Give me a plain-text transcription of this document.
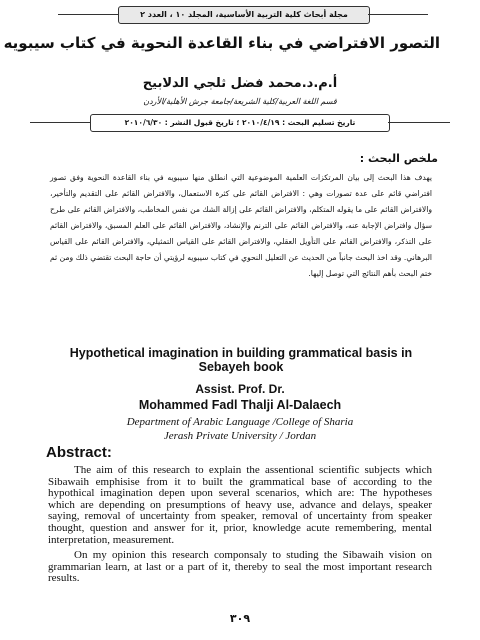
مجلة أبحاث كلية التربية الأساسية، المجلد ١٠ ، العدد ٢
التصور الافتراضي في بناء القاعدة النحوية في كتاب سيبويه
أ.م.د.محمد فضل ثلجي الدلابيح
قسم اللغة العربية/كلية الشريعة/جامعة جرش الأهلية/الأردن
تاريخ تسليم البحث : ٢٠١٠/٤/١٩ ؛ تاريخ قبول النشر : ٢٠١٠/٦/٣٠
ملخص البحث :
يهدف هذا البحث إلى بيان المرتكزات العلمية الموضوعية التي انطلق منها سيبويه في بناء القاعدة النحوية وفق تصور افتراضي قائم على عدة تصورات وهي : الافتراض القائم على كثرة الاستعمال، والافتراض القائم على التقديم والتأخير، والافتراض القائم على ما يقوله المتكلم، والافتراض القائم على إزالة الشك من نفس المخاطب، والافتراض القائم على طرح سؤال وافتراض الإجابة عنه، والافتراض القائم على الترنم والإنشاد، والافتراض القائم على العلم المسبق، والافتراض القائم على التذكر، والافتراض القائم على التأويل العقلي، والافتراض القائم على القياس التمثيلي، والافتراض القائم على القياس البرهاني. وقد اخذ البحث جانباً من الحديث عن التعليل النحوي في كتاب سيبويه لرؤيتي أن حاجة البحث تقتضي ذلك ومن ثم ختم البحث بأهم النتائج التي توصل إليها.
Hypothetical imagination in building grammatical basis in Sebayeh book
Assist. Prof. Dr.
Mohammed Fadl Thalji Al-Dalaech
Department of Arabic Language /College of Sharia
Jerash Private University / Jordan
Abstract:

The aim of this research to explain the assentional scientific subjects which Sibawaih emphisise from it to built the grammatical base of according to the hypothical imagination depen upon several scenarios, which are: The hypotheses which are depending on presumptions of heavy use, advance and delays, speaker saying, removal of uncertainty from speaker, removal of uncertainty from speaker thought, question and answer for it, prior, knowledge acute remembering, mental interpretation, measurement.

On my opinion this research componsaly to studing the Sibawaih vision on grammarian learn, at last or a part of it, thereby to seal the most important research results.

٣٠٩
